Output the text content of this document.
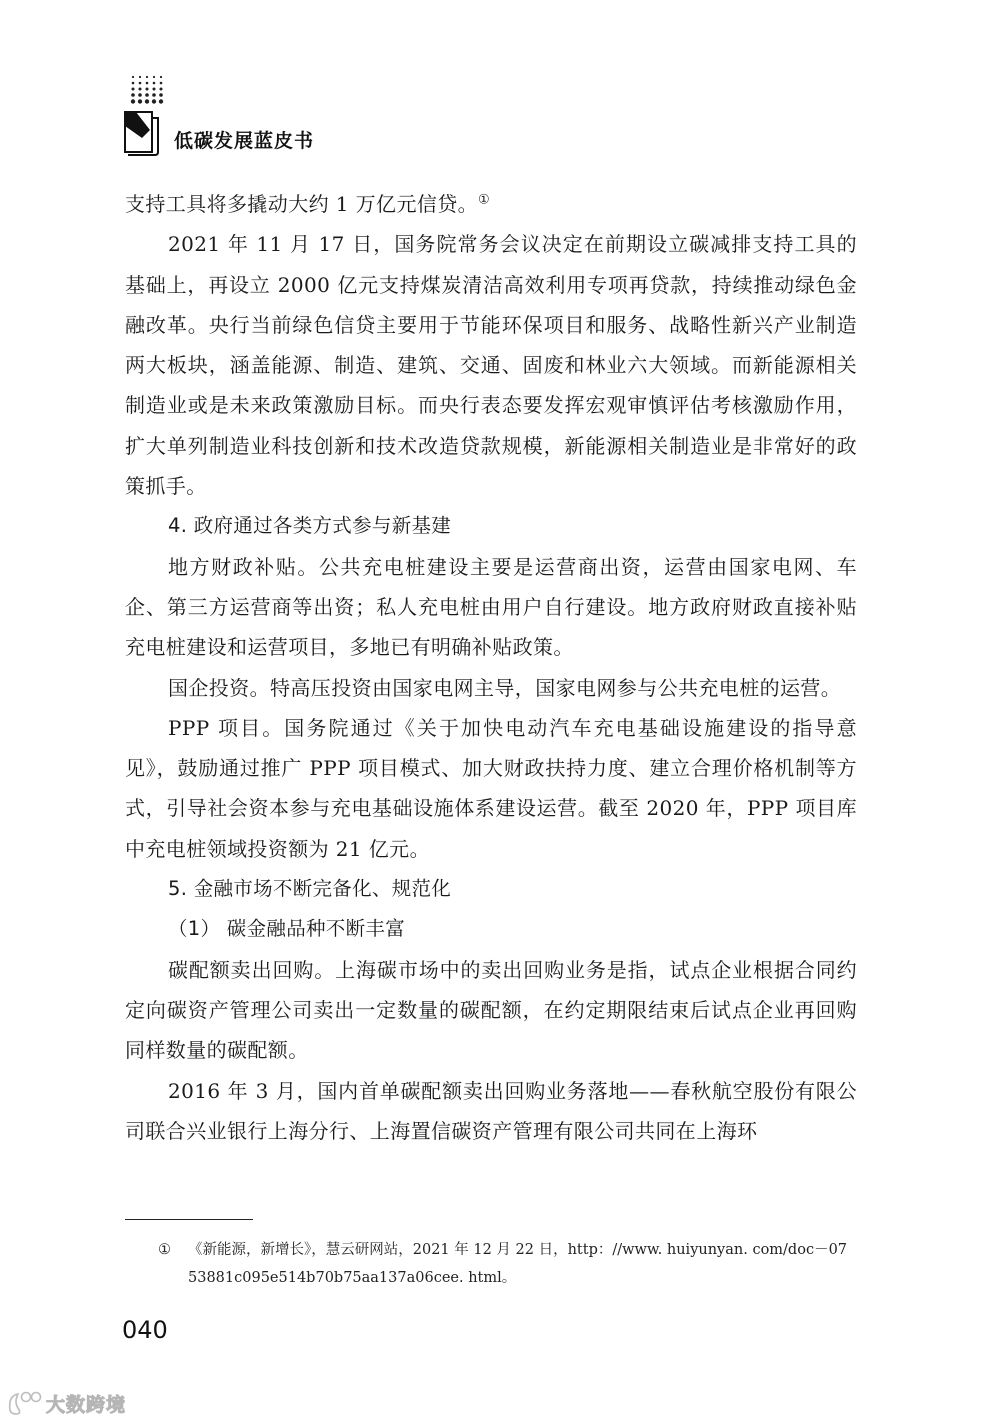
低碳发展蓝皮书

支持工具将多撬动大约 1 万亿元信贷。①

2021 年 11 月 17 日，国务院常务会议决定在前期设立碳减排支持工具的基础上，再设立 2000 亿元支持煤炭清洁高效利用专项再贷款，持续推动绿色金融改革。央行当前绿色信贷主要用于节能环保项目和服务、战略性新兴产业制造两大板块，涵盖能源、制造、建筑、交通、固废和林业六大领域。而新能源相关制造业或是未来政策激励目标。而央行表态要发挥宏观审慎评估考核激励作用，扩大单列制造业科技创新和技术改造贷款规模，新能源相关制造业是非常好的政策抓手。

4. 政府通过各类方式参与新基建

地方财政补贴。公共充电桩建设主要是运营商出资，运营由国家电网、车企、第三方运营商等出资；私人充电桩由用户自行建设。地方政府财政直接补贴充电桩建设和运营项目，多地已有明确补贴政策。

国企投资。特高压投资由国家电网主导，国家电网参与公共充电桩的运营。

PPP 项目。国务院通过《关于加快电动汽车充电基础设施建设的指导意见》，鼓励通过推广 PPP 项目模式、加大财政扶持力度、建立合理价格机制等方式，引导社会资本参与充电基础设施体系建设运营。截至 2020 年，PPP 项目库中充电桩领域投资额为 21 亿元。

5. 金融市场不断完备化、规范化

（1） 碳金融品种不断丰富

碳配额卖出回购。上海碳市场中的卖出回购业务是指，试点企业根据合同约定向碳资产管理公司卖出一定数量的碳配额，在约定期限结束后试点企业再回购同样数量的碳配额。

2016 年 3 月，国内首单碳配额卖出回购业务落地——春秋航空股份有限公司联合兴业银行上海分行、上海置信碳资产管理有限公司共同在上海环

① 《新能源，新增长》，慧云研网站，2021 年 12 月 22 日，http：//www. huiyunyan. com/doc－0753881c095e514b70b75aa137a06cee. html。
040
大数跨境
